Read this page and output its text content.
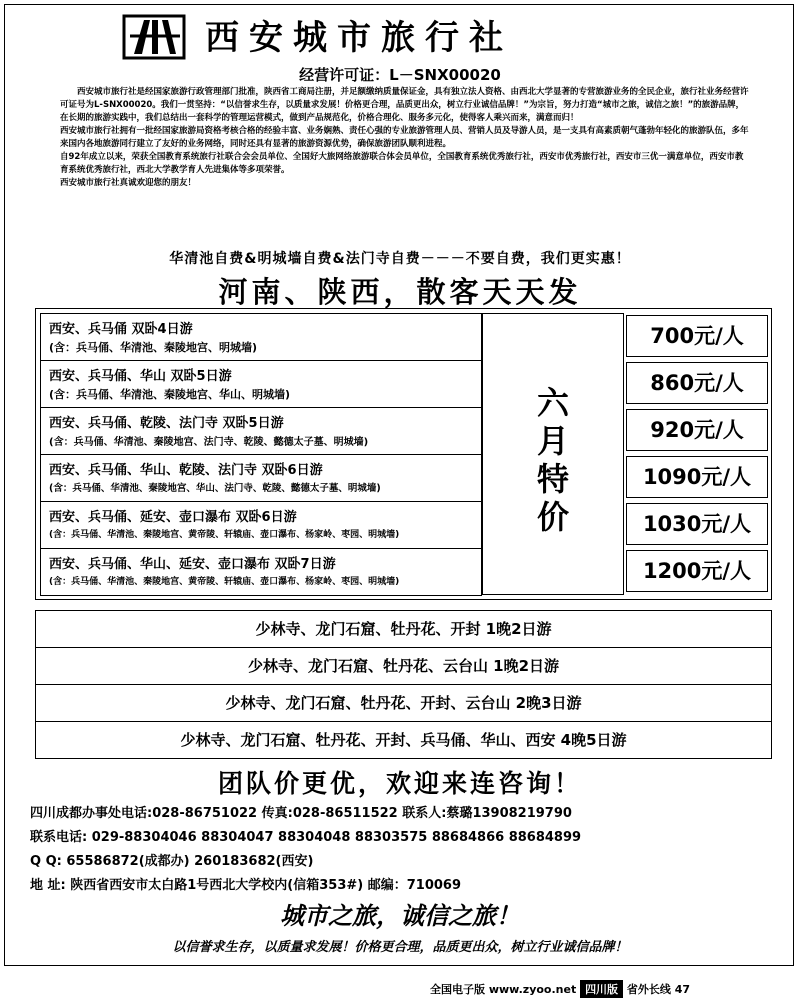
西安城市旅行社
经营许可证：L－SNX00020
西安城市旅行社是经国家旅游行政管理部门批准，陕西省工商局注册，并足额缴纳质量保证金，具有独立法人资格、由西北大学显著的专营旅游业务的全民企业，旅行社业务经营许可证号为L-SNX00020。我们一贯坚持：“以信誉求生存，以质量求发展！价格更合理，品质更出众，树立行业诚信品牌！”为宗旨，努力打造“城市之旅，诚信之旅！”的旅游品牌，在长期的旅游实践中，我们总结出一套科学的管理运营模式，做到产品规范化，价格合理化、服务多元化，使得客人乘兴而来，满意而归！
西安城市旅行社拥有一批经国家旅游局资格考核合格的经验丰富、业务娴熟、责任心强的专业旅游管理人员、营销人员及导游人员，是一支具有高素质朝气蓬勃年轻化的旅游队伍，多年来国内各地旅游同行建立了友好的业务网络，同时还具有显著的旅游资源优势，确保旅游团队顺利进程。
自92年成立以来，荣获全国教育系统旅行社联合会会员单位、全国好大旅网络旅游联合体会员单位，全国教育系统优秀旅行社，西安市优秀旅行社，西安市三优一满意单位，西安市教育系统优秀旅行社，西北大学教学育人先进集体等多项荣誉。
西安城市旅行社真诚欢迎您的朋友！
华清池自费&明城墙自费&法门寺自费－－－不要自费，我们更实惠！
河南、陕西，散客天天发
西安、兵马俑 双卧4日游
(含：兵马俑、华清池、秦陵地宫、明城墙)
西安、兵马俑、华山 双卧5日游
(含：兵马俑、华清池、秦陵地宫、华山、明城墙)
西安、兵马俑、乾陵、法门寺 双卧5日游
(含：兵马俑、华清池、秦陵地宫、法门寺、乾陵、懿德太子墓、明城墙)
西安、兵马俑、华山、乾陵、法门寺 双卧6日游
(含：兵马俑、华清池、秦陵地宫、华山、法门寺、乾陵、懿德太子墓、明城墙)
西安、兵马俑、延安、壶口瀑布 双卧6日游
(含：兵马俑、华清池、秦陵地宫、黄帝陵、轩辕庙、壶口瀑布、杨家岭、枣园、明城墙)
西安、兵马俑、华山、延安、壶口瀑布 双卧7日游
(含：兵马俑、华清池、秦陵地宫、黄帝陵、轩辕庙、壶口瀑布、杨家岭、枣园、明城墙)
六
月
特
价
700元/人
860元/人
920元/人
1090元/人
1030元/人
1200元/人
少林寺、龙门石窟、牡丹花、开封 1晚2日游
少林寺、龙门石窟、牡丹花、云台山 1晚2日游
少林寺、龙门石窟、牡丹花、开封、云台山 2晚3日游
少林寺、龙门石窟、牡丹花、开封、兵马俑、华山、西安 4晚5日游
团队价更优，欢迎来连咨询！
四川成都办事处电话:028-86751022 传真:028-86511522 联系人:蔡璐13908219790
联系电话: 029-88304046 88304047 88304048 88303575 88684866 88684899
Q Q: 65586872(成都办) 260183682(西安)
地 址: 陕西省西安市太白路1号西北大学校内(信箱353#) 邮编：710069
城市之旅，诚信之旅！
以信誉求生存，以质量求发展！价格更合理，品质更出众，树立行业诚信品牌！
全国电子版 www.zyoo.net 四川版 省外长线 47
